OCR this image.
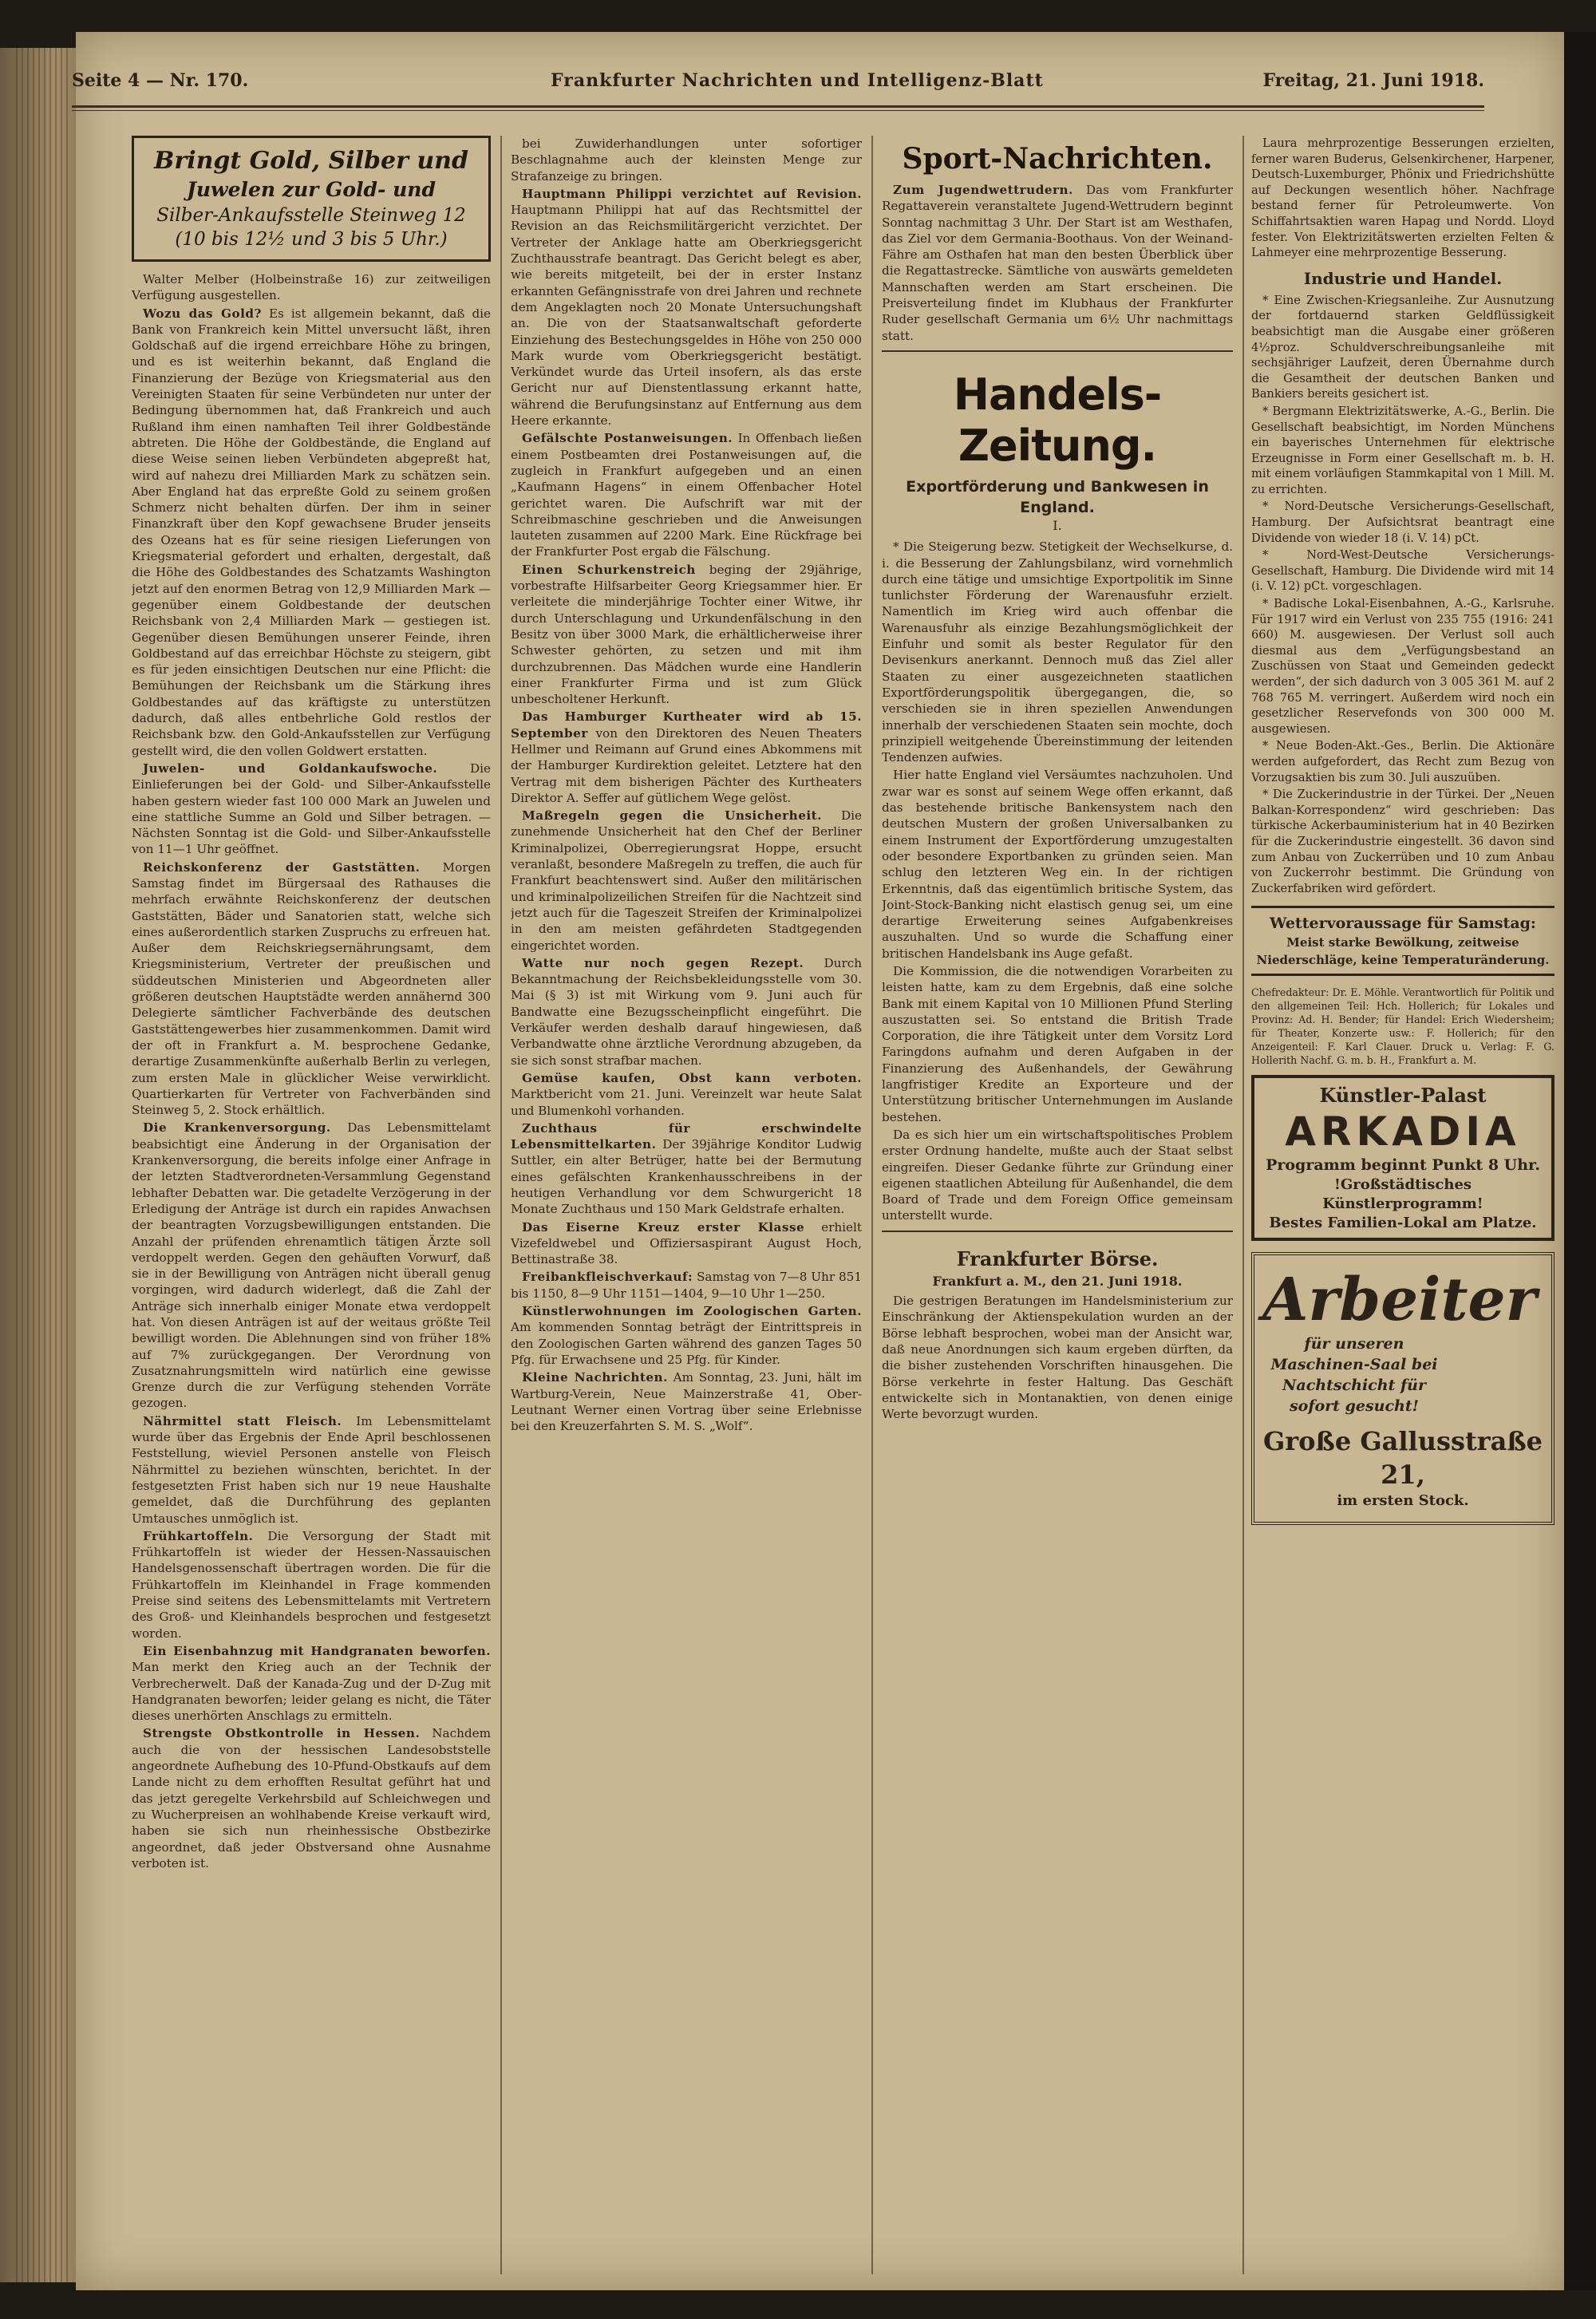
Seite 4 — Nr. 170.	Frankfurter Nachrichten und Intelligenz-Blatt	Freitag, 21. Juni 1918.
Bringt Gold, Silber und
Juwelen zur Gold- und
Silber-Ankaufsstelle Steinweg 12
(10 bis 12½ und 3 bis 5 Uhr.)

Walter Melber (Holbeinstraße 16) zur zeitweiligen Verfügung ausgestellen.

Wozu das Gold? Es ist allgemein bekannt, daß die Bank von Frankreich kein Mittel unversucht läßt, ihren Goldschaß auf die irgend erreichbare Höhe zu bringen, und es ist weiterhin bekannt, daß England die Finanzierung der Bezüge von Kriegsmaterial aus den Vereinigten Staaten für seine Verbündeten nur unter der Bedingung übernommen hat, daß Frankreich und auch Rußland ihm einen namhaften Teil ihrer Goldbestände abtreten. Die Höhe der Goldbestände, die England auf diese Weise seinen lieben Verbündeten abgepreßt hat, wird auf nahezu drei Milliarden Mark zu schätzen sein. Aber England hat das erpreßte Gold zu seinem großen Schmerz nicht behalten dürfen. Der ihm in seiner Finanzkraft über den Kopf gewachsene Bruder jenseits des Ozeans hat es für seine riesigen Lieferungen von Kriegsmaterial gefordert und erhalten, dergestalt, daß die Höhe des Goldbestandes des Schatzamts Washington jetzt auf den enormen Betrag von 12,9 Milliarden Mark — gegenüber einem Goldbestande der deutschen Reichsbank von 2,4 Milliarden Mark — gestiegen ist. Gegenüber diesen Bemühungen unserer Feinde, ihren Goldbestand auf das erreichbar Höchste zu steigern, gibt es für jeden einsichtigen Deutschen nur eine Pflicht: die Bemühungen der Reichsbank um die Stärkung ihres Goldbestandes auf das kräftigste zu unterstützen dadurch, daß alles entbehrliche Gold restlos der Reichsbank bzw. den Gold-Ankaufsstellen zur Verfügung gestellt wird, die den vollen Goldwert erstatten.

Juwelen- und Goldankaufswoche.	Die Einlieferungen bei der Gold- und Silber-Ankaufsstelle haben gestern wieder fast 100 000 Mark an Juwelen und eine stattliche Summe an Gold und Silber betragen. — Nächsten Sonntag ist die Gold- und Silber-Ankaufsstelle von 11—1 Uhr geöffnet.

Reichskonferenz der Gaststätten. Morgen Samstag findet im Bürgersaal des Rathauses die mehrfach erwähnte Reichskonferenz der deutschen Gaststätten, Bäder und Sanatorien statt, welche sich eines außerordentlich starken Zuspruchs zu erfreuen hat. Außer dem Reichskriegsernährungsamt, dem Kriegsministerium, Vertreter der preußischen und süddeutschen Ministerien und Abgeordneten aller größeren deutschen Hauptstädte werden annähernd 300 Delegierte sämtlicher Fachverbände des deutschen Gaststättengewerbes hier zusammenkommen. Damit wird der oft in Frankfurt a. M. besprochene Gedanke, derartige Zusammenkünfte außerhalb Berlin zu verlegen, zum ersten Male in glücklicher Weise verwirklicht. Quartierkarten für Vertreter von Fachverbänden sind Steinweg 5, 2. Stock erhältlich.

Die Krankenversorgung. Das Lebensmittelamt beabsichtigt eine Änderung in der Organisation der Krankenversorgung, die bereits infolge einer Anfrage in der letzten Stadtverordneten-Versammlung Gegenstand lebhafter Debatten war. Die getadelte Verzögerung in der Erledigung der Anträge ist durch ein rapides Anwachsen der beantragten Vorzugsbewilligungen entstanden. Die Anzahl der prüfenden ehrenamtlich tätigen Ärzte soll verdoppelt werden. Gegen den gehäuften Vorwurf, daß sie in der Bewilligung von Anträgen nicht überall genug vorgingen, wird dadurch widerlegt, daß die Zahl der Anträge sich innerhalb einiger Monate etwa verdoppelt hat. Von diesen Anträgen ist auf der weitaus größte Teil bewilligt worden. Die Ablehnungen sind von früher 18% auf 7% zurückgegangen. Der Verordnung von Zusatznahrungsmitteln wird natürlich eine gewisse Grenze durch die zur Verfügung stehenden Vorräte gezogen.

Nährmittel statt Fleisch. Im Lebensmittelamt wurde über das Ergebnis der Ende April beschlossenen Feststellung, wieviel Personen anstelle von Fleisch Nährmittel zu beziehen wünschten, berichtet. In der festgesetzten Frist haben sich nur 19 neue Haushalte gemeldet, daß die Durchführung des geplanten Umtausches unmöglich ist.

Frühkartoffeln. Die Versorgung der Stadt mit Frühkartoffeln ist wieder der Hessen-Nassauischen Handelsgenossenschaft übertragen worden. Die für die Frühkartoffeln im Kleinhandel in Frage kommenden Preise sind seitens des Lebensmittelamts mit Vertretern des Groß- und Kleinhandels besprochen und festgesetzt worden.

Ein Eisenbahnzug mit Handgranaten beworfen. Man merkt den Krieg auch an der Technik der Verbrecherwelt. Daß der Kanada-Zug und der D-Zug mit Handgranaten beworfen; leider gelang es nicht, die Täter dieses unerhörten Anschlags zu ermitteln.

Strengste Obstkontrolle in Hessen. Nachdem auch die von der hessischen Landesobststelle angeordnete Aufhebung des 10-Pfund-Obstkaufs auf dem Lande nicht zu dem erhofften Resultat geführt hat und das jetzt geregelte Verkehrsbild auf Schleichwegen und zu Wucherpreisen an wohlhabende Kreise verkauft wird, haben sie sich nun rheinhessische Obstbezirke angeordnet, daß jeder Obstversand ohne Ausnahme verboten ist.

bei Zuwiderhandlungen unter sofortiger Beschlagnahme auch der kleinsten Menge zur Strafanzeige zu bringen.

Hauptmann Philippi verzichtet auf Revision. Hauptmann Philippi hat auf das Rechtsmittel der Revision an das Reichsmilitärgericht verzichtet. Der Vertreter der Anklage hatte am Oberkriegsgericht Zuchthausstrafe beantragt. Das Gericht belegt es aber, wie bereits mitgeteilt, bei der in erster Instanz erkannten Gefängnisstrafe von drei Jahren und rechnete dem Angeklagten noch 20 Monate Untersuchungshaft an. Die von der Staatsanwaltschaft geforderte Einziehung des Bestechungsgeldes in Höhe von 250 000 Mark wurde vom Oberkriegsgericht bestätigt. Verkündet wurde das Urteil insofern, als das erste Gericht nur auf Dienstentlassung erkannt hatte, während die Berufungsinstanz auf Entfernung aus dem Heere erkannte.

Gefälschte Postanweisungen. In Offenbach ließen einem Postbeamten drei Postanweisungen auf, die zugleich in Frankfurt aufgegeben und an einen „Kaufmann Hagens“ in einem Offenbacher Hotel gerichtet waren. Die Aufschrift war mit der Schreibmaschine geschrieben und die Anweisungen lauteten zusammen auf 2200 Mark. Eine Rückfrage bei der Frankfurter Post ergab die Fälschung.

Einen Schurkenstreich beging der 29jährige, vorbestrafte Hilfsarbeiter Georg Kriegsammer hier. Er verleitete die minderjährige Tochter einer Witwe, ihr durch Unterschlagung und Urkundenfälschung in den Besitz von über 3000 Mark, die erhältlicherweise ihrer Schwester gehörten, zu setzen und mit ihm durchzubrennen. Das Mädchen wurde eine Handlerin einer Frankfurter Firma und ist zum Glück unbescholtener Herkunft.

Das Hamburger Kurtheater wird ab 15. September von den Direktoren des Neuen Theaters Hellmer und Reimann auf Grund eines Abkommens mit der Hamburger Kurdirektion geleitet. Letztere hat den Vertrag mit dem bisherigen Pächter des Kurtheaters Direktor A. Seffer auf gütlichem Wege gelöst.

Maßregeln gegen die Unsicherheit. Die zunehmende Unsicherheit hat den Chef der Berliner Kriminalpolizei, Oberregierungsrat Hoppe, ersucht veranlaßt, besondere Maßregeln zu treffen, die auch für Frankfurt beachtenswert sind. Außer den militärischen und kriminalpolizeilichen Streifen für die Nachtzeit sind jetzt auch für die Tageszeit Streifen der Kriminalpolizei in den am meisten gefährdeten Stadtgegenden eingerichtet worden.

Watte nur noch gegen Rezept. Durch Bekanntmachung der Reichsbekleidungsstelle vom 30. Mai (§ 3) ist mit Wirkung vom 9. Juni auch für Bandwatte eine Bezugsscheinpflicht eingeführt. Die Verkäufer werden deshalb darauf hingewiesen, daß Verbandwatte ohne ärztliche Verordnung abzugeben, da sie sich sonst strafbar machen.

Gemüse kaufen, Obst kann verboten. Marktbericht vom 21. Juni. Vereinzelt war heute Salat und Blumenkohl vorhanden.

Zuchthaus für erschwindelte Lebensmittelkarten. Der 39jährige Konditor Ludwig Suttler, ein alter Betrüger, hatte bei der Bermutung eines gefälschten Krankenhausschreibens in der heutigen Verhandlung vor dem Schwurgericht 18 Monate Zuchthaus und 150 Mark Geldstrafe erhalten.

Das Eiserne Kreuz erster Klasse erhielt Vizefeldwebel und Offiziersaspirant August Hoch, Bettinastraße 38.

Freibankfleischverkauf: Samstag von 7—8 Uhr 851 bis 1150, 8—9 Uhr 1151—1404, 9—10 Uhr 1—250.

Künstlerwohnungen im Zoologischen Garten. Am kommenden Sonntag beträgt der Eintrittspreis in den Zoologischen Garten während des ganzen Tages 50 Pfg. für Erwachsene und 25 Pfg. für Kinder.

Kleine Nachrichten. Am Sonntag, 23. Juni, hält im Wartburg-Verein, Neue Mainzerstraße 41, Ober-Leutnant Werner einen Vortrag über seine Erlebnisse bei den Kreuzerfahrten S. M. S. „Wolf“.

Sport-Nachrichten.

Zum Jugendwettrudern. Das vom Frankfurter Regattaverein veranstaltete Jugend-Wettrudern beginnt Sonntag nachmittag 3 Uhr. Der Start ist am Westhafen, das Ziel vor dem Germania-Boothaus. Von der Weinand-Fähre am Osthafen hat man den besten Überblick über die Regattastrecke. Sämtliche von auswärts gemeldeten Mannschaften werden am Start erscheinen. Die Preisverteilung findet im Klubhaus der Frankfurter Ruder gesellschaft Germania um 6½ Uhr nachmittags statt.

Handels-Zeitung.
Exportförderung und Bankwesen in England.
I.

* Die Steigerung bezw. Stetigkeit der Wechselkurse, d. i. die Besserung der Zahlungsbilanz, wird vornehmlich durch eine tätige und umsichtige Exportpolitik im Sinne tunlichster Förderung der Warenausfuhr erzielt. Namentlich im Krieg wird auch offenbar die Warenausfuhr als einzige Bezahlungsmöglichkeit der Einfuhr und somit als bester Regulator für den Devisenkurs anerkannt. Dennoch muß das Ziel aller Staaten zu einer ausgezeichneten staatlichen Exportförderungspolitik übergegangen, die, so verschieden sie in ihren speziellen Anwendungen innerhalb der verschiedenen Staaten sein mochte, doch prinzipiell weitgehende Übereinstimmung der leitenden Tendenzen aufwies.

Hier hatte England viel Versäumtes nachzuholen. Und zwar war es sonst auf seinem Wege offen erkannt, daß das bestehende britische Bankensystem nach den deutschen Mustern der großen Universalbanken zu einem Instrument der Exportförderung umzugestalten oder besondere Exportbanken zu gründen seien. Man schlug den letzteren Weg ein. In der richtigen Erkenntnis, daß das eigentümlich britische System, das Joint-Stock-Banking nicht elastisch genug sei, um eine derartige Erweiterung seines Aufgabenkreises auszuhalten. Und so wurde die Schaffung einer britischen Handelsbank ins Auge gefaßt.

Die Kommission, die die notwendigen Vorarbeiten zu leisten hatte, kam zu dem Ergebnis, daß eine solche Bank mit einem Kapital von 10 Millionen Pfund Sterling auszustatten sei. So entstand die British Trade Corporation, die ihre Tätigkeit unter dem Vorsitz Lord Faringdons aufnahm und deren Aufgaben in der Finanzierung des Außenhandels, der Gewährung langfristiger Kredite an Exporteure und der Unterstützung britischer Unternehmungen im Auslande bestehen.

Da es sich hier um ein wirtschaftspolitisches Problem erster Ordnung handelte, mußte auch der Staat selbst eingreifen. Dieser Gedanke führte zur Gründung einer eigenen staatlichen Abteilung für Außenhandel, die dem Board of Trade und dem Foreign Office gemeinsam unterstellt wurde.

Frankfurter Börse.
Frankfurt a. M., den 21. Juni 1918.

Die gestrigen Beratungen im Handelsministerium zur Einschränkung der Aktienspekulation wurden an der Börse lebhaft besprochen, wobei man der Ansicht war, daß neue Anordnungen sich kaum ergeben dürften, da die bisher zustehenden Vorschriften hinausgehen. Die Börse verkehrte in fester Haltung. Das Geschäft entwickelte sich in Montanaktien, von denen einige Werte bevorzugt wurden.

Laura mehrprozentige Besserungen erzielten, ferner waren Buderus, Gelsenkirchener, Harpener, Deutsch-Luxemburger, Phönix und Friedrichshütte auf Deckungen wesentlich höher. Nachfrage bestand ferner für Petroleumwerte. Von Schiffahrtsaktien waren Hapag und Nordd. Lloyd fester. Von Elektrizitätswerten erzielten Felten & Lahmeyer eine mehrprozentige Besserung.

Industrie und Handel.

* Eine Zwischen-Kriegsanleihe. Zur Ausnutzung der fortdauernd starken Geldflüssigkeit beabsichtigt man die Ausgabe einer größeren 4½proz. Schuldverschreibungsanleihe mit sechsjähriger Laufzeit, deren Übernahme durch die Gesamtheit der deutschen Banken und Bankiers bereits gesichert ist.

* Bergmann Elektrizitätswerke, A.-G., Berlin. Die Gesellschaft beabsichtigt, im Norden Münchens ein bayerisches Unternehmen für elektrische Erzeugnisse in Form einer Gesellschaft m. b. H. mit einem vorläufigen Stammkapital von 1 Mill. M. zu errichten.

* Nord-Deutsche Versicherungs-Gesellschaft, Hamburg. Der Aufsichtsrat beantragt eine Dividende von wieder 18 (i. V. 14) pCt.

* Nord-West-Deutsche Versicherungs-Gesellschaft, Hamburg. Die Dividende wird mit 14 (i. V. 12) pCt. vorgeschlagen.

* Badische Lokal-Eisenbahnen, A.-G., Karlsruhe. Für 1917 wird ein Verlust von 235 755 (1916: 241 660) M. ausgewiesen. Der Verlust soll auch diesmal aus dem „Verfügungsbestand an Zuschüssen von Staat und Gemeinden gedeckt werden“, der sich dadurch von 3 005 361 M. auf 2 768 765 M. verringert. Außerdem wird noch ein gesetzlicher Reservefonds von 300 000 M. ausgewiesen.

* Neue Boden-Akt.-Ges., Berlin. Die Aktionäre werden aufgefordert, das Recht zum Bezug von Vorzugsaktien bis zum 30. Juli auszuüben.

* Die Zuckerindustrie in der Türkei. Der „Neuen Balkan-Korrespondenz“ wird geschrieben: Das türkische Ackerbauministerium hat in 40 Bezirken für die Zuckerindustrie eingestellt. 36 davon sind zum Anbau von Zuckerrüben und 10 zum Anbau von Zuckerrohr bestimmt. Die Gründung von Zuckerfabriken wird gefördert.

Wettervoraussage für Samstag:
Meist starke Bewölkung, zeitweise Niederschläge, keine Temperaturänderung.
Chefredakteur: Dr. E. Möhle. Verantwortlich für Politik und den allgemeinen Teil: Hch. Hollerich; für Lokales und Provinz: Ad. H. Bender; für Handel: Erich Wiedersheim; für Theater, Konzerte usw.: F. Hollerich; für den Anzeigenteil: F. Karl Clauer. Druck u. Verlag: F. G. Hollerith Nachf. G. m. b. H., Frankfurt a. M.
Künstler-Palast
ARKADIA
Programm beginnt Punkt 8 Uhr.
!Großstädtisches Künstlerprogramm!
Bestes Familien-Lokal am Platze.
Arbeiterfür unseren Maschinen-Saal bei Nachtschicht für sofort gesucht!
Große Gallusstraße 21,
im ersten Stock.
